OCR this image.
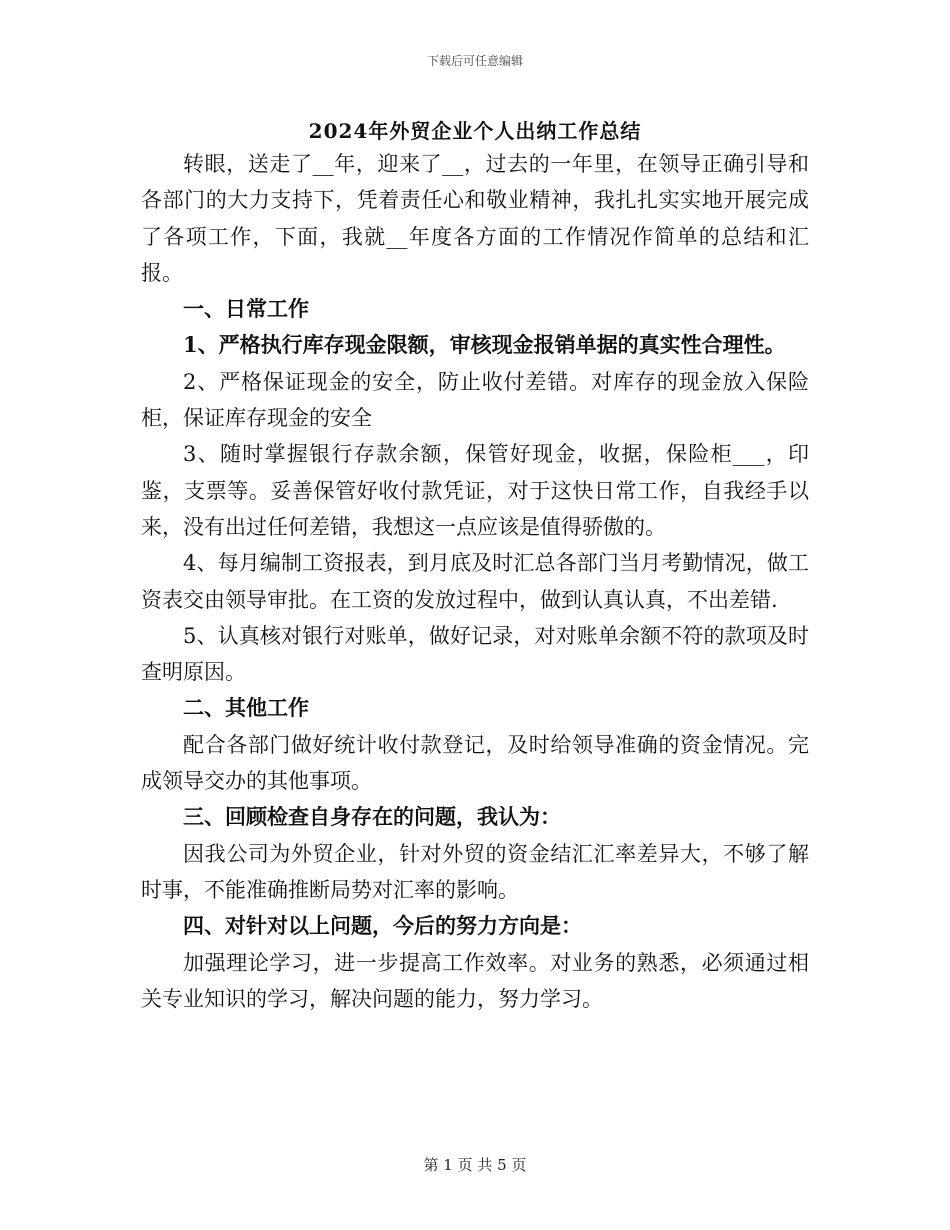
下载后可任意编辑
2024年外贸企业个人出纳工作总结

转眼，送走了__年，迎来了__，过去的一年里，在领导正确引导和各部门的大力支持下，凭着责任心和敬业精神，我扎扎实实地开展完成了各项工作，下面，我就__年度各方面的工作情况作简单的总结和汇报。

一、日常工作

1、严格执行库存现金限额，审核现金报销单据的真实性合理性。

2、严格保证现金的安全，防止收付差错。对库存的现金放入保险柜，保证库存现金的安全

3、随时掌握银行存款余额，保管好现金，收据，保险柜___，印鉴，支票等。妥善保管好收付款凭证，对于这快日常工作，自我经手以来，没有出过任何差错，我想这一点应该是值得骄傲的。

4、每月编制工资报表，到月底及时汇总各部门当月考勤情况，做工资表交由领导审批。在工资的发放过程中，做到认真认真，不出差错.

5、认真核对银行对账单，做好记录，对对账单余额不符的款项及时查明原因。

二、其他工作

配合各部门做好统计收付款登记，及时给领导准确的资金情况。完成领导交办的其他事项。

三、回顾检查自身存在的问题，我认为：

因我公司为外贸企业，针对外贸的资金结汇汇率差异大，不够了解时事，不能准确推断局势对汇率的影响。

四、对针对以上问题，今后的努力方向是：

加强理论学习，进一步提高工作效率。对业务的熟悉，必须通过相关专业知识的学习，解决问题的能力，努力学习。

第 1 页 共 5 页
